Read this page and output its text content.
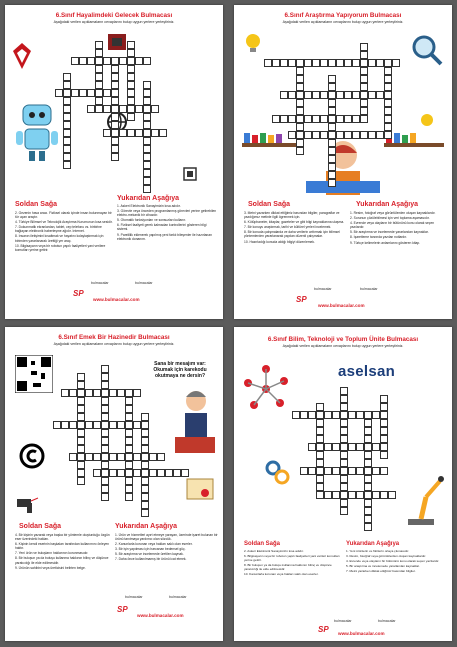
6.Sınıf Hayalimdeki Gelecek Bulmacası
Aşağıdaki verilen açıklamaların cevaplarını bulup uygun yerlere yerleştiriniz.
Soldan Sağa
Yukarıdan Aşağıya
2. Gezenin hava aracı. Fiziksel olarak içinde insan bulunmayan bir tür uçan araçtır.
4. Türkiye Bilimsel ve Teknolojik Araştırma Kurumunun kısa sesidir.
7. Dokunmatik ekranlardan, tablet, cep telefonu vs. birbirine bağlayan elektronik haberleşme ağıdır. İnternet.
8. İnsanın iletişimini kısaltmak ve hayatını kolaylaştırmak için birimden yararlanarak ürettiği yer araç.
10. Bilgisayarın veya bir robotun yapılı faaliyetleri yani verilere komutları yerine getirir.
1. Askeri Elektronik Sanayimizin kısa adıdır.
3. Görevle veya önceden programlanmış görevleri yerine getirebilen elektro-mekanik bir cihazdır.
5. Otomatik fonksiyonları ve sonsuzları kullanır.
6. Fiziksel faaliyeti gerek kalmadan kontrollerini gösteren bilgi sistemi.
9. Parelillik eklenerek yapılmış yeni farklı bileşenler ile hazırlanan elektronik donanım.
bulmacalar	bulmacalar
SP
www.bulmacalar.com
6.Sınıf Araştırma Yapıyorum Bulmacası
Aşağıdaki verilen açıklamaların cevaplarını bulup uygun yerlere yerleştiriniz.
Soldan Sağa	Yukarıdan Aşağıya
3. Metni yazarken dikkat ettiğimiz basından bilgiler, paragraflar ve yazdığımız metinle ilgili ögrenmek için.
6. Kütüphaneler, kitaplar, gazeteler ve gibi bilgi kaynaklarına ulaşma.
7. Bir konuyu araştırmak, tarihi ve kültürel yerleri incelemek.
8. Bir konuda çalışmalarda ve daha verilerin arttırmak için bilimsel yöntemlerden yararlanarak yapılan düzenli çalışmalar.
10. Hazırladığı konuda aldığı bilgiyi düzenlemek.
1. Resim, fotoğraf veya görüntülerden oluşan kaynaklardır.
2. Sorunun çözülebilmesi için veri toplama aşamasıdır.
4. Evrende veya olayların bir bütününü konu olarak seçen yazılardır.
5. Bir araştırma ve incelemede yararlanılan kaynaklar.
8. İşaretleme tarzında yazılan notlardır.
9. Türkçe kelimelerin anlamlarını gösteren kitap.
bulmacalar	bulmacalar
SP
www.bulmacalar.com
6.Sınıf Emek Bir Hazinedir Bulmacası
Aşağıdaki verilen açıklamaların cevaplarını bulup uygun yerlere yerleştiriniz.
Sana bir mesajım var: Okumak için karekodu okutmaya ne dersin?
Soldan Sağa	Yukarıdan Aşağıya
4. Bir kişinin yazarak veya başka bir yöntemle oluşturduğu özgün eser üzerindeki hakları.
6. Kişinin kendi eserinin başkaları tarafından kullanımını önleyen haktır.
7. Yeni ürün ve buluşların haklarının korunmasıdır.
8. Bir buluşun ya da buluşu kullanma hakkının bilinç ve düşünce yaratıcılığı ile elde edilmesidir.
9. Ürünün sahibini veya üreticisini belirten belge.
1. Ürün ve hizmetleri ayırt etmeye yarayan, üzerinde işaret bulunan bir ürünü tanıtmaya yardımcı olan sözcük.
2. Kanunlarla korunan veya hakları saklı olan eserler.
3. Bir işin yapılması için harcanan bedensel güç.
5. Bir araştırma ve incelemede üretilen kaynak.
7. Daha önce kullanılmamış bir ürünü icat etmek.
bulmacalar	bulmacalar
SP
www.bulmacalar.com
6.Sınıf Bilim, Teknoloji ve Toplum Ünite Bulmacası
Aşağıdaki verilen açıklamaların cevaplarını bulup uygun yerlere yerleştiriniz.
aselsan
Soldan Sağa	Yukarıdan Aşağıya
2. Askeri Elektronik Sanayimizin kısa adıdır.
6. Bilgisayarın veya bir robotun yapılı faaliyetleri yani verileri komutları yerine getirir.
8. Bir buluşun ya da buluşu kullanma hakkının bilinç ve düşünce yaratıcılığı ile elde edilmesidir.
10. Kanunlarla korunan veya hakları saklı olan eserler.
1. Yeni ürünlerin ve fikirlerin ortaya çıkmasıdır.
3. Resim, fotoğraf veya görüntülerden oluşan kaynaklardır.
4. Evrende veya olayların bir bütününü konu olarak seçen yazılardır.
5. Bir araştırma ve incelemede yararlanılan kaynaklar.
7. Metni yazarken dikkat ettiğimiz basından bilgiler.
bulmacalar	bulmacalar
SP www.bulmacalar.com
